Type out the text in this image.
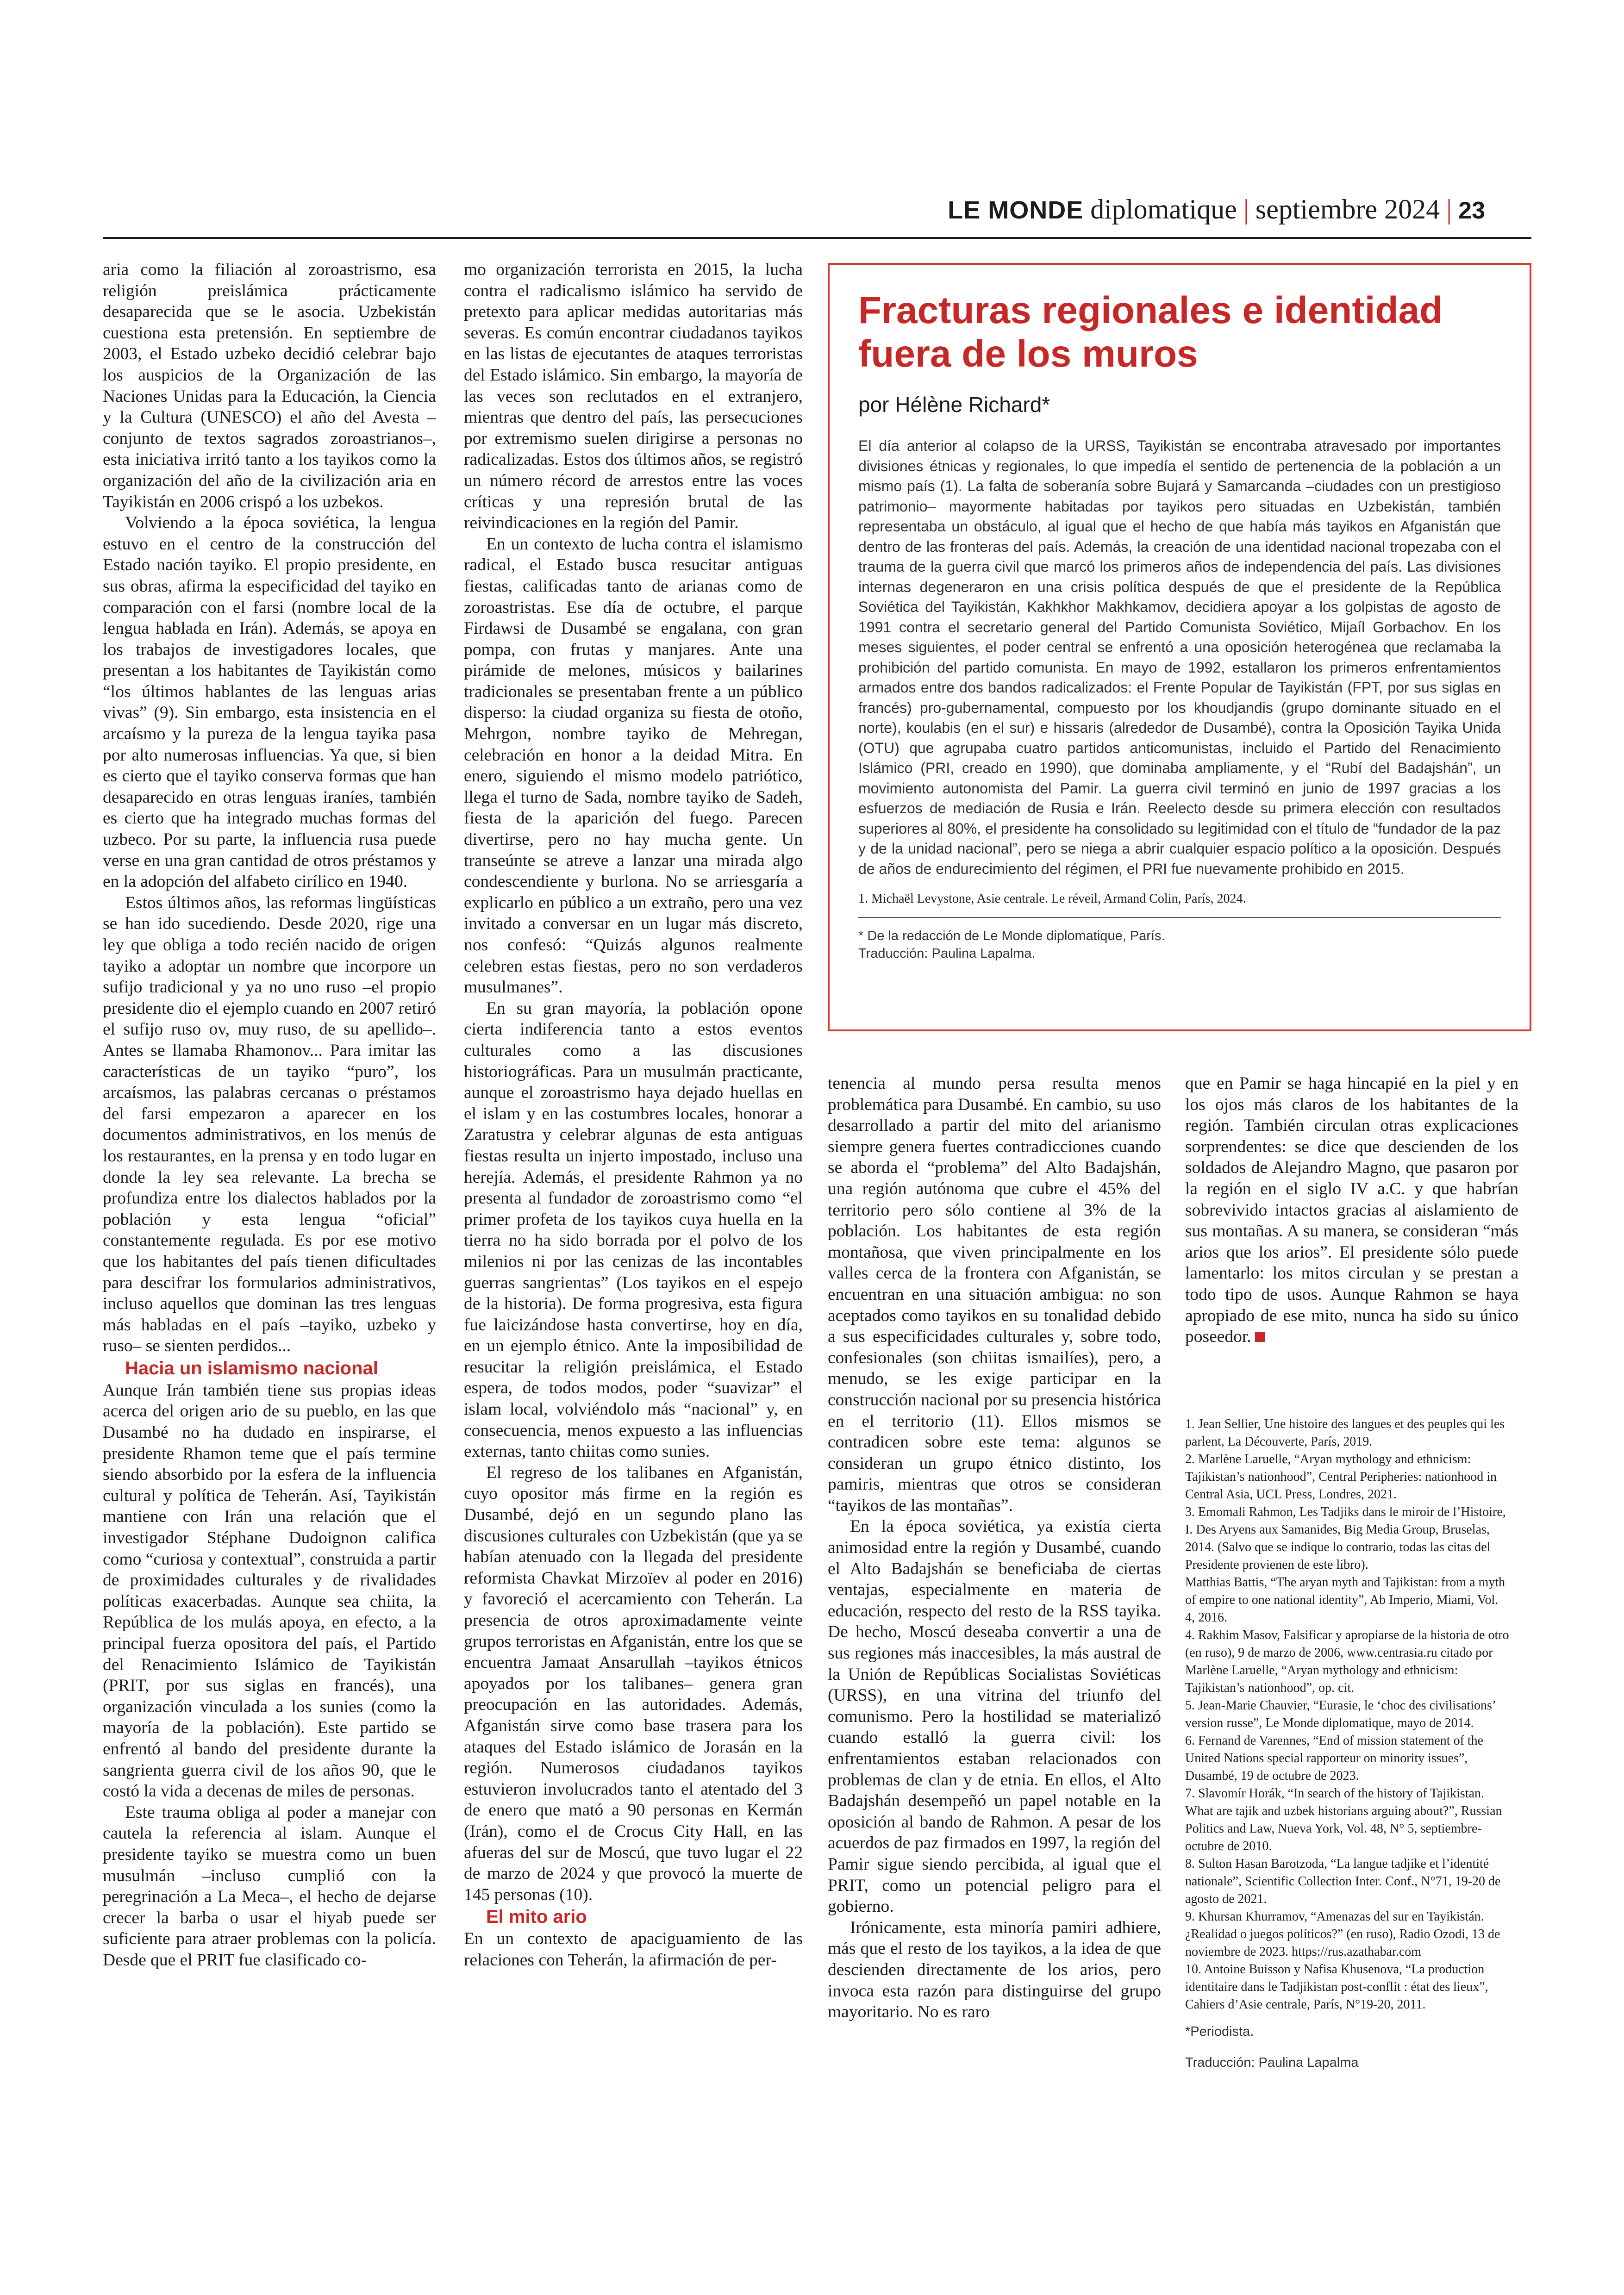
LE MONDE diplomatique | septiembre 2024 | 23

aria como la filiación al zoroastrismo, esa religión preislámica prácticamente desaparecida que se le asocia. Uzbekistán cuestiona esta pretensión. En septiembre de 2003, el Estado uzbeko decidió celebrar bajo los auspicios de la Organización de las Naciones Unidas para la Educación, la Ciencia y la Cultura (UNESCO) el año del Avesta –conjunto de textos sagrados zoroastrianos–, esta iniciativa irritó tanto a los tayikos como la organización del año de la civilización aria en Tayikistán en 2006 crispó a los uzbekos.

Volviendo a la época soviética, la lengua estuvo en el centro de la construcción del Estado nación tayiko. El propio presidente, en sus obras, afirma la especificidad del tayiko en comparación con el farsi (nombre local de la lengua hablada en Irán). Además, se apoya en los trabajos de investigadores locales, que presentan a los habitantes de Tayikistán como “los últimos hablantes de las lenguas arias vivas” (9). Sin embargo, esta insistencia en el arcaísmo y la pureza de la lengua tayika pasa por alto numerosas influencias. Ya que, si bien es cierto que el tayiko conserva formas que han desaparecido en otras lenguas iraníes, también es cierto que ha integrado muchas formas del uzbeco. Por su parte, la influencia rusa puede verse en una gran cantidad de otros préstamos y en la adopción del alfabeto cirílico en 1940.

Estos últimos años, las reformas lingüísticas se han ido sucediendo. Desde 2020, rige una ley que obliga a todo recién nacido de origen tayiko a adoptar un nombre que incorpore un sufijo tradicional y ya no uno ruso –el propio presidente dio el ejemplo cuando en 2007 retiró el sufijo ruso ov, muy ruso, de su apellido–. Antes se llamaba Rhamonov... Para imitar las características de un tayiko “puro”, los arcaísmos, las palabras cercanas o préstamos del farsi empezaron a aparecer en los documentos administrativos, en los menús de los restaurantes, en la prensa y en todo lugar en donde la ley sea relevante. La brecha se profundiza entre los dialectos hablados por la población y esta lengua “oficial” constantemente regulada. Es por ese motivo que los habitantes del país tienen dificultades para descifrar los formularios administrativos, incluso aquellos que dominan las tres lenguas más habladas en el país –tayiko, uzbeko y ruso– se sienten perdidos...

Hacia un islamismo nacional

Aunque Irán también tiene sus propias ideas acerca del origen ario de su pueblo, en las que Dusambé no ha dudado en inspirarse, el presidente Rhamon teme que el país termine siendo absorbido por la esfera de la influencia cultural y política de Teherán. Así, Tayikistán mantiene con Irán una relación que el investigador Stéphane Dudoignon califica como “curiosa y contextual”, construida a partir de proximidades culturales y de rivalidades políticas exacerbadas. Aunque sea chiita, la República de los mulás apoya, en efecto, a la principal fuerza opositora del país, el Partido del Renacimiento Islámico de Tayikistán (PRIT, por sus siglas en francés), una organización vinculada a los sunies (como la mayoría de la población). Este partido se enfrentó al bando del presidente durante la sangrienta guerra civil de los años 90, que le costó la vida a decenas de miles de personas.

Este trauma obliga al poder a manejar con cautela la referencia al islam. Aunque el presidente tayiko se muestra como un buen musulmán –incluso cumplió con la peregrinación a La Meca–, el hecho de dejarse crecer la barba o usar el hiyab puede ser suficiente para atraer problemas con la policía. Desde que el PRIT fue clasificado co-

mo organización terrorista en 2015, la lucha contra el radicalismo islámico ha servido de pretexto para aplicar medidas autoritarias más severas. Es común encontrar ciudadanos tayikos en las listas de ejecutantes de ataques terroristas del Estado islámico. Sin embargo, la mayoría de las veces son reclutados en el extranjero, mientras que dentro del país, las persecuciones por extremismo suelen dirigirse a personas no radicalizadas. Estos dos últimos años, se registró un número récord de arrestos entre las voces críticas y una represión brutal de las reivindicaciones en la región del Pamir.

En un contexto de lucha contra el islamismo radical, el Estado busca resucitar antiguas fiestas, calificadas tanto de arianas como de zoroastristas. Ese día de octubre, el parque Firdawsi de Dusambé se engalana, con gran pompa, con frutas y manjares. Ante una pirámide de melones, músicos y bailarines tradicionales se presentaban frente a un público disperso: la ciudad organiza su fiesta de otoño, Mehrgon, nombre tayiko de Mehregan, celebración en honor a la deidad Mitra. En enero, siguiendo el mismo modelo patriótico, llega el turno de Sada, nombre tayiko de Sadeh, fiesta de la aparición del fuego. Parecen divertirse, pero no hay mucha gente. Un transeúnte se atreve a lanzar una mirada algo condescendiente y burlona. No se arriesgaría a explicarlo en público a un extraño, pero una vez invitado a conversar en un lugar más discreto, nos confesó: “Quizás algunos realmente celebren estas fiestas, pero no son verdaderos musulmanes”.

En su gran mayoría, la población opone cierta indiferencia tanto a estos eventos culturales como a las discusiones historiográficas. Para un musulmán practicante, aunque el zoroastrismo haya dejado huellas en el islam y en las costumbres locales, honorar a Zaratustra y celebrar algunas de esta antiguas fiestas resulta un injerto impostado, incluso una herejía. Además, el presidente Rahmon ya no presenta al fundador de zoroastrismo como “el primer profeta de los tayikos cuya huella en la tierra no ha sido borrada por el polvo de los milenios ni por las cenizas de las incontables guerras sangrientas” (Los tayikos en el espejo de la historia). De forma progresiva, esta figura fue laicizándose hasta convertirse, hoy en día, en un ejemplo étnico. Ante la imposibilidad de resucitar la religión preislámica, el Estado espera, de todos modos, poder “suavizar” el islam local, volviéndolo más “nacional” y, en consecuencia, menos expuesto a las influencias externas, tanto chiitas como sunies.

El regreso de los talibanes en Afganistán, cuyo opositor más firme en la región es Dusambé, dejó en un segundo plano las discusiones culturales con Uzbekistán (que ya se habían atenuado con la llegada del presidente reformista Chavkat Mirzoïev al poder en 2016) y favoreció el acercamiento con Teherán. La presencia de otros aproximadamente veinte grupos terroristas en Afganistán, entre los que se encuentra Jamaat Ansarullah –tayikos étnicos apoyados por los talibanes– genera gran preocupación en las autoridades. Además, Afganistán sirve como base trasera para los ataques del Estado islámico de Jorasán en la región. Numerosos ciudadanos tayikos estuvieron involucrados tanto el atentado del 3 de enero que mató a 90 personas en Kermán (Irán), como el de Crocus City Hall, en las afueras del sur de Moscú, que tuvo lugar el 22 de marzo de 2024 y que provocó la muerte de 145 personas (10).

El mito ario

En un contexto de apaciguamiento de las relaciones con Teherán, la afirmación de per-

Fracturas regionales e identidad fuera de los muros

por Hélène Richard*

El día anterior al colapso de la URSS, Tayikistán se encontraba atravesado por importantes divisiones étnicas y regionales, lo que impedía el sentido de pertenencia de la población a un mismo país (1). La falta de soberanía sobre Bujará y Samarcanda –ciudades con un prestigioso patrimonio– mayormente habitadas por tayikos pero situadas en Uzbekistán, también representaba un obstáculo, al igual que el hecho de que había más tayikos en Afganistán que dentro de las fronteras del país. Además, la creación de una identidad nacional tropezaba con el trauma de la guerra civil que marcó los primeros años de independencia del país. Las divisiones internas degeneraron en una crisis política después de que el presidente de la República Soviética del Tayikistán, Kakhkhor Makhkamov, decidiera apoyar a los golpistas de agosto de 1991 contra el secretario general del Partido Comunista Soviético, Mijaíl Gorbachov. En los meses siguientes, el poder central se enfrentó a una oposición heterogénea que reclamaba la prohibición del partido comunista. En mayo de 1992, estallaron los primeros enfrentamientos armados entre dos bandos radicalizados: el Frente Popular de Tayikistán (FPT, por sus siglas en francés) pro-gubernamental, compuesto por los khoudjandis (grupo dominante situado en el norte), koulabis (en el sur) e hissaris (alrededor de Dusambé), contra la Oposición Tayika Unida (OTU) que agrupaba cuatro partidos anticomunistas, incluido el Partido del Renacimiento Islámico (PRI, creado en 1990), que dominaba ampliamente, y el “Rubí del Badajshán”, un movimiento autonomista del Pamir. La guerra civil terminó en junio de 1997 gracias a los esfuerzos de mediación de Rusia e Irán. Reelecto desde su primera elección con resultados superiores al 80%, el presidente ha consolidado su legitimidad con el título de “fundador de la paz y de la unidad nacional”, pero se niega a abrir cualquier espacio político a la oposición. Después de años de endurecimiento del régimen, el PRI fue nuevamente prohibido en 2015.

1. Michaël Levystone, Asie centrale. Le réveil, Armand Colin, París, 2024.

* De la redacción de Le Monde diplomatique, París.

Traducción: Paulina Lapalma.

tenencia al mundo persa resulta menos problemática para Dusambé. En cambio, su uso desarrollado a partir del mito del arianismo siempre genera fuertes contradicciones cuando se aborda el “problema” del Alto Badajshán, una región autónoma que cubre el 45% del territorio pero sólo contiene al 3% de la población. Los habitantes de esta región montañosa, que viven principalmente en los valles cerca de la frontera con Afganistán, se encuentran en una situación ambigua: no son aceptados como tayikos en su tonalidad debido a sus especificidades culturales y, sobre todo, confesionales (son chiitas ismailíes), pero, a menudo, se les exige participar en la construcción nacional por su presencia histórica en el territorio (11). Ellos mismos se contradicen sobre este tema: algunos se consideran un grupo étnico distinto, los pamiris, mientras que otros se consideran “tayikos de las montañas”.

En la época soviética, ya existía cierta animosidad entre la región y Dusambé, cuando el Alto Badajshán se beneficiaba de ciertas ventajas, especialmente en materia de educación, respecto del resto de la RSS tayika. De hecho, Moscú deseaba convertir a una de sus regiones más inaccesibles, la más austral de la Unión de Repúblicas Socialistas Soviéticas (URSS), en una vitrina del triunfo del comunismo. Pero la hostilidad se materializó cuando estalló la guerra civil: los enfrentamientos estaban relacionados con problemas de clan y de etnia. En ellos, el Alto Badajshán desempeñó un papel notable en la oposición al bando de Rahmon. A pesar de los acuerdos de paz firmados en 1997, la región del Pamir sigue siendo percibida, al igual que el PRIT, como un potencial peligro para el gobierno.

Irónicamente, esta minoría pamiri adhiere, más que el resto de los tayikos, a la idea de que descienden directamente de los arios, pero invoca esta razón para distinguirse del grupo mayoritario. No es raro

que en Pamir se haga hincapié en la piel y en los ojos más claros de los habitantes de la región. También circulan otras explicaciones sorprendentes: se dice que descienden de los soldados de Alejandro Magno, que pasaron por la región en el siglo IV a.C. y que habrían sobrevivido intactos gracias al aislamiento de sus montañas. A su manera, se consideran “más arios que los arios”. El presidente sólo puede lamentarlo: los mitos circulan y se prestan a todo tipo de usos. Aunque Rahmon se haya apropiado de ese mito, nunca ha sido su único poseedor.

1. Jean Sellier, Une histoire des langues et des peuples qui les parlent, La Découverte, París, 2019.

2. Marlène Laruelle, “Aryan mythology and ethnicism: Tajikistan’s nationhood”, Central Peripheries: nationhood in Central Asia, UCL Press, Londres, 2021.

3. Emomali Rahmon, Les Tadjiks dans le miroir de l’Histoire, I. Des Aryens aux Samanides, Big Media Group, Bruselas, 2014. (Salvo que se indique lo contrario, todas las citas del Presidente provienen de este libro).

Matthias Battis, “The aryan myth and Tajikistan: from a myth of empire to one national identity”, Ab Imperio, Miami, Vol. 4, 2016.

4. Rakhim Masov, Falsificar y apropiarse de la historia de otro (en ruso), 9 de marzo de 2006, www.centrasia.ru citado por Marlène Laruelle, “Aryan mythology and ethnicism: Tajikistan’s nationhood”, op. cit.

5. Jean-Marie Chauvier, “Eurasie, le ‘choc des civilisations’ version russe”, Le Monde diplomatique, mayo de 2014.

6. Fernand de Varennes, “End of mission statement of the United Nations special rapporteur on minority issues”, Dusambé, 19 de octubre de 2023.

7. Slavomír Horák, “In search of the history of Tajikistan. What are tajik and uzbek historians arguing about?”, Russian Politics and Law, Nueva York, Vol. 48, N° 5, septiembre-octubre de 2010.

8. Sulton Hasan Barotzoda, “La langue tadjike et l’identité nationale”, Scientific Collection Inter. Conf., N°71, 19-20 de agosto de 2021.

9. Khursan Khurramov, “Amenazas del sur en Tayikistán. ¿Realidad o juegos políticos?” (en ruso), Radio Ozodi, 13 de noviembre de 2023. https://rus.azathabar.com

10. Antoine Buisson y Nafisa Khusenova, “La production identitaire dans le Tadjikistan post-conflit : état des lieux”, Cahiers d’Asie centrale, París, N°19-20, 2011.

*Periodista.

Traducción: Paulina Lapalma
